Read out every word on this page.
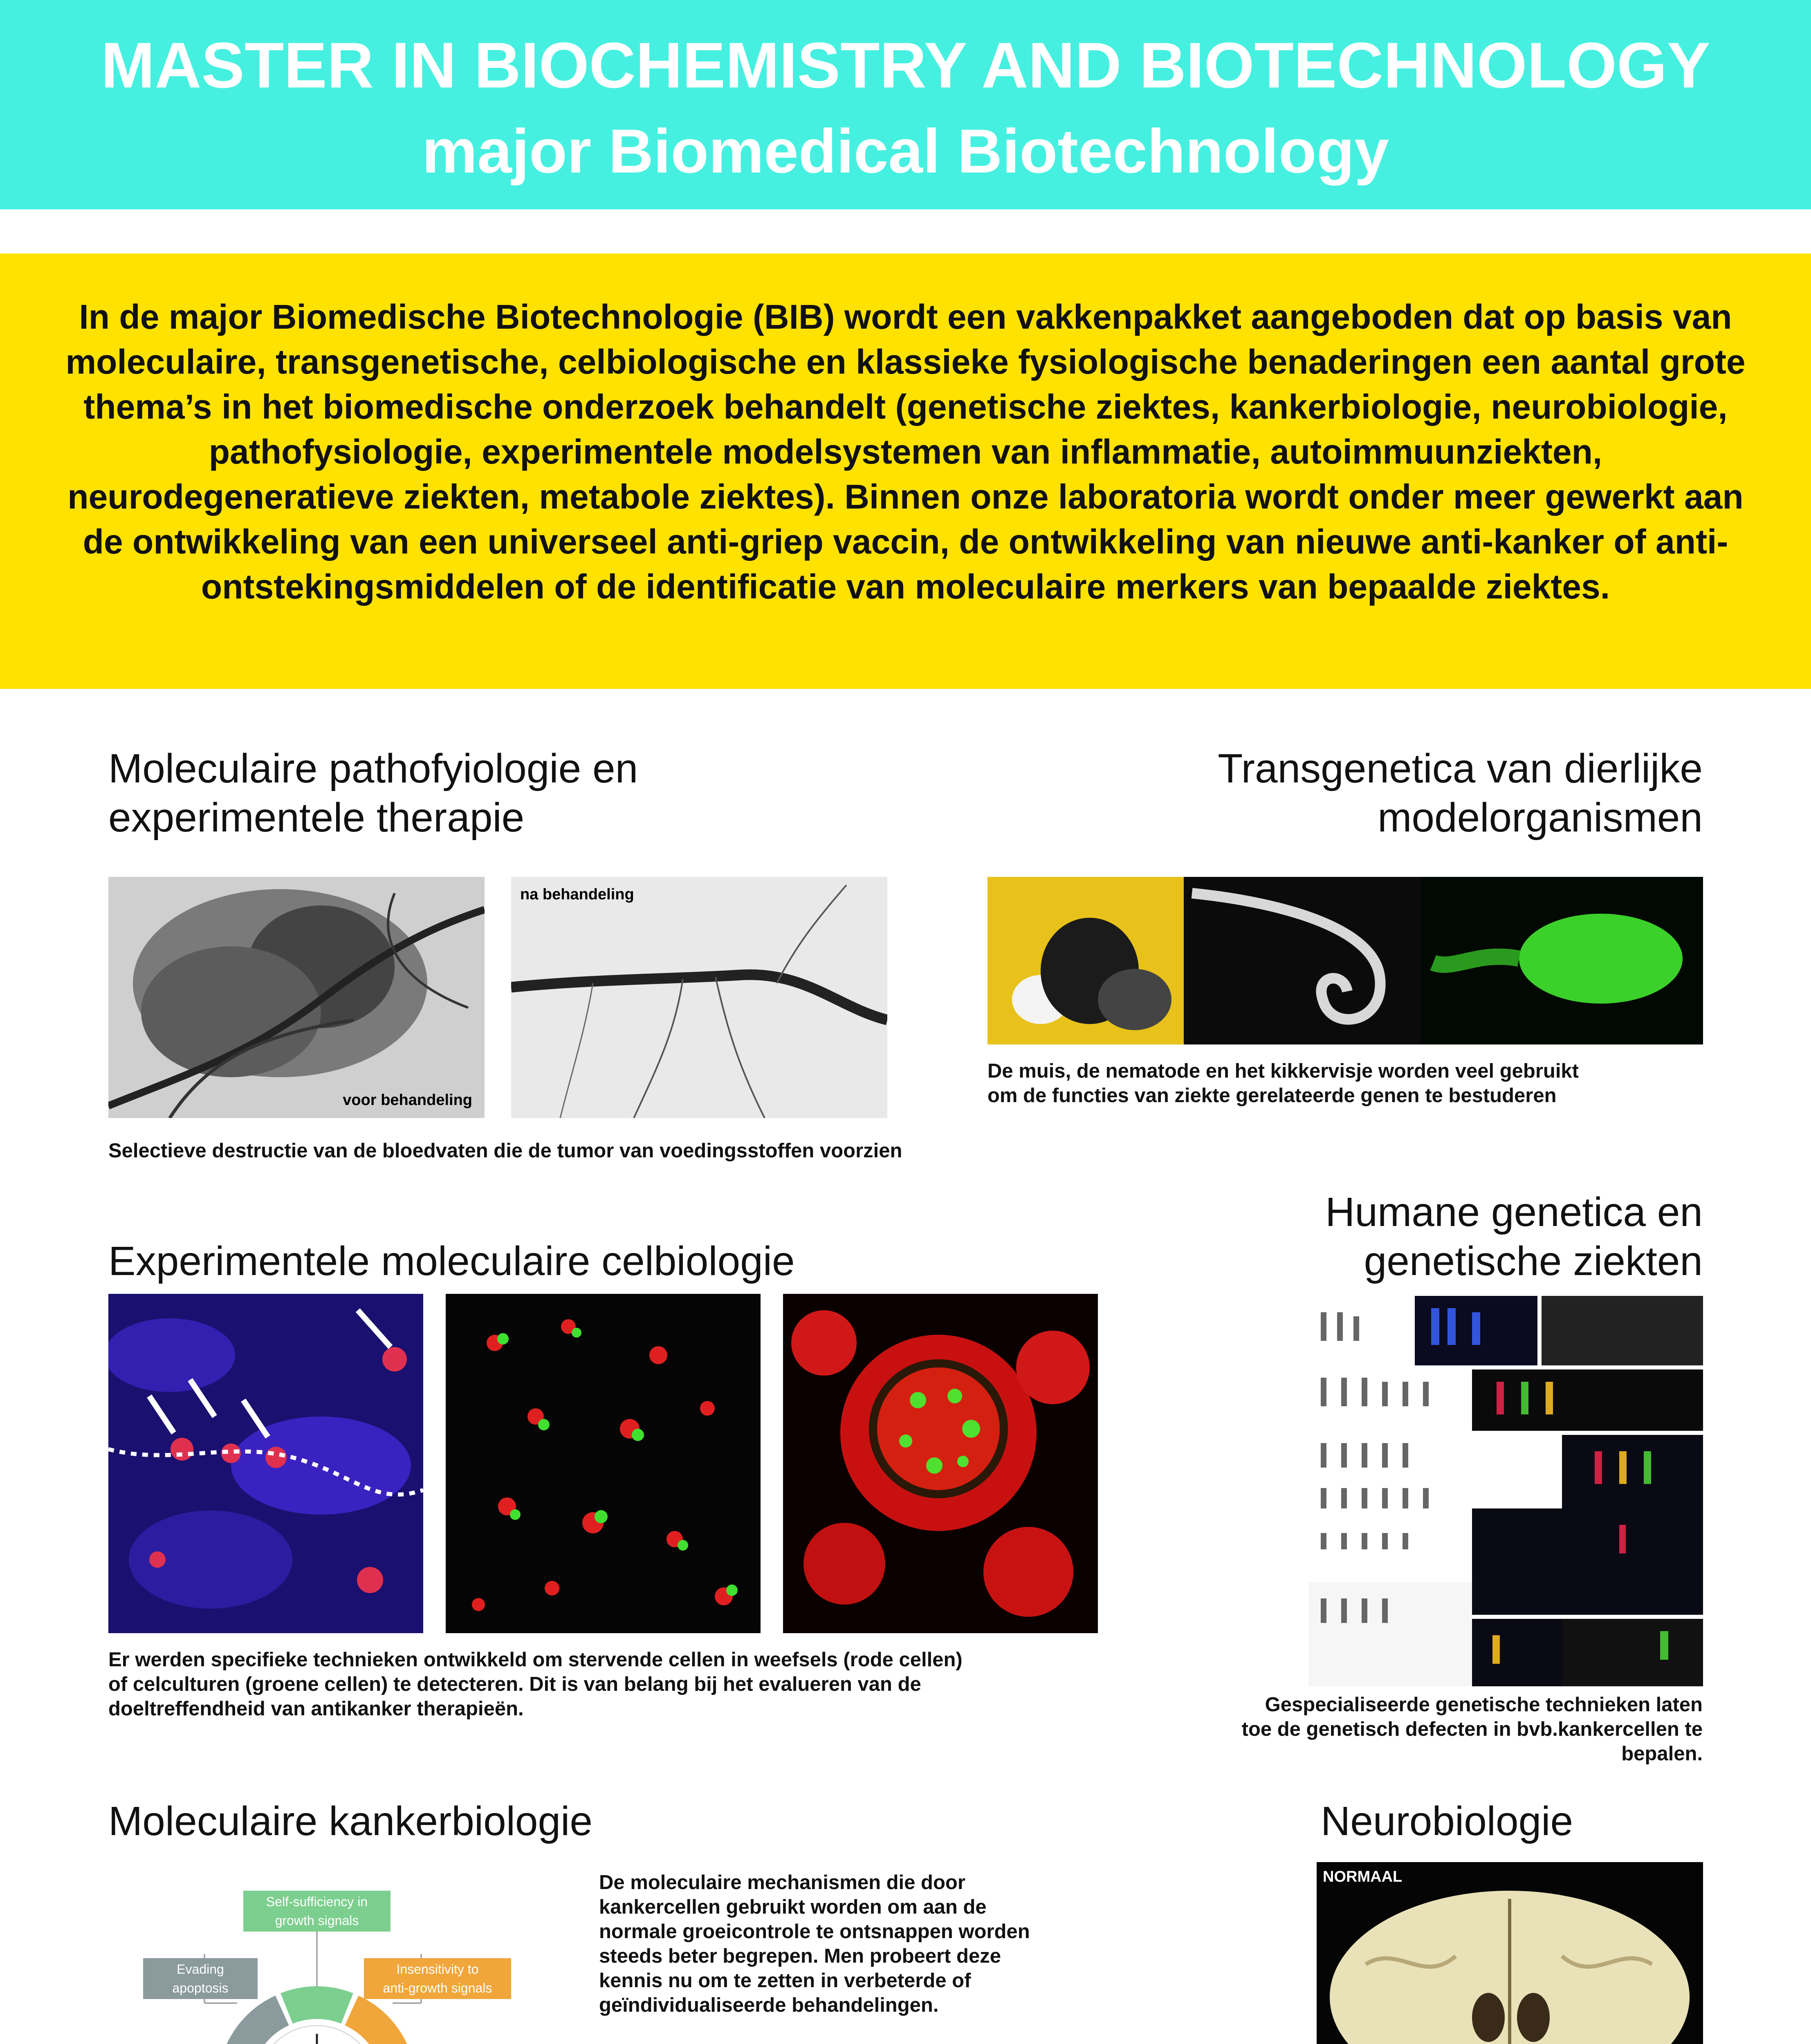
MASTER IN BIOCHEMISTRY AND BIOTECHNOLOGY
major Biomedical Biotechnology
In de major Biomedische Biotechnologie (BIB) wordt een vakkenpakket aangeboden dat op basis van moleculaire, transgenetische, celbiologische en klassieke fysiologische benaderingen een aantal grote thema’s in het biomedische onderzoek behandelt (genetische ziektes, kankerbiologie, neurobiologie, pathofysiologie, experimentele modelsystemen van inflammatie, autoimmuunziekten, neurodegeneratieve ziekten, metabole ziektes). Binnen onze laboratoria wordt onder meer gewerkt aan de ontwikkeling van een universeel anti-griep vaccin, de ontwikkeling van nieuwe anti-kanker of anti-ontstekingsmiddelen of de identificatie van moleculaire merkers van bepaalde ziektes.
Moleculaire pathofyiologie en
experimentele therapie
voor behandeling
na behandeling
Selectieve destructie van de bloedvaten die de tumor van voedingsstoffen voorzien
Transgenetica van dierlijke
modelorganismen
De muis, de nematode en het kikkervisje worden veel gebruikt
om de functies van ziekte gerelateerde genen te bestuderen
Experimentele moleculaire celbiologie
Er werden specifieke technieken ontwikkeld om stervende cellen in weefsels (rode cellen)
of celculturen (groene cellen) te detecteren. Dit is van belang bij het evalueren van de
doeltreffendheid van antikanker therapieën.
Humane genetica en
genetische ziekten
Gespecialiseerde genetische technieken laten
toe de genetisch defecten in bvb.kankercellen te
bepalen.
Moleculaire kankerbiologie
Self-sufficiency in
growth signals
Evading
apoptosis
Insensitivity to
anti-growth signals
De moleculaire mechanismen die door
kankercellen gebruikt worden om aan de
normale groeicontrole te ontsnappen worden
steeds beter begrepen. Men probeert deze
kennis nu om te zetten in verbeterde of
geïndividualiseerde behandelingen.
Neurobiologie
NORMAAL
